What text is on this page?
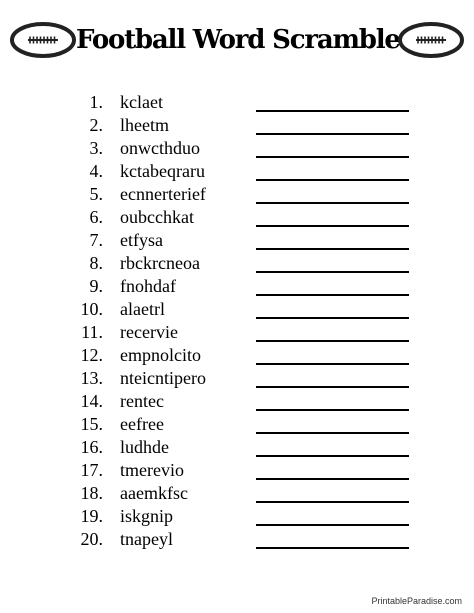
Football Word Scramble
1. kclaet
2. lheetm
3. onwcthduo
4. kctabeqraru
5. ecnnerterief
6. oubcchkat
7. etfysa
8. rbckrcneoa
9. fnohdaf
10. alaetrl
11. recervie
12. empnolcito
13. nteicntipero
14. rentec
15. eefree
16. ludhde
17. tmerevio
18. aaemkfsc
19. iskgnip
20. tnapeyl
PrintableParadise.com
